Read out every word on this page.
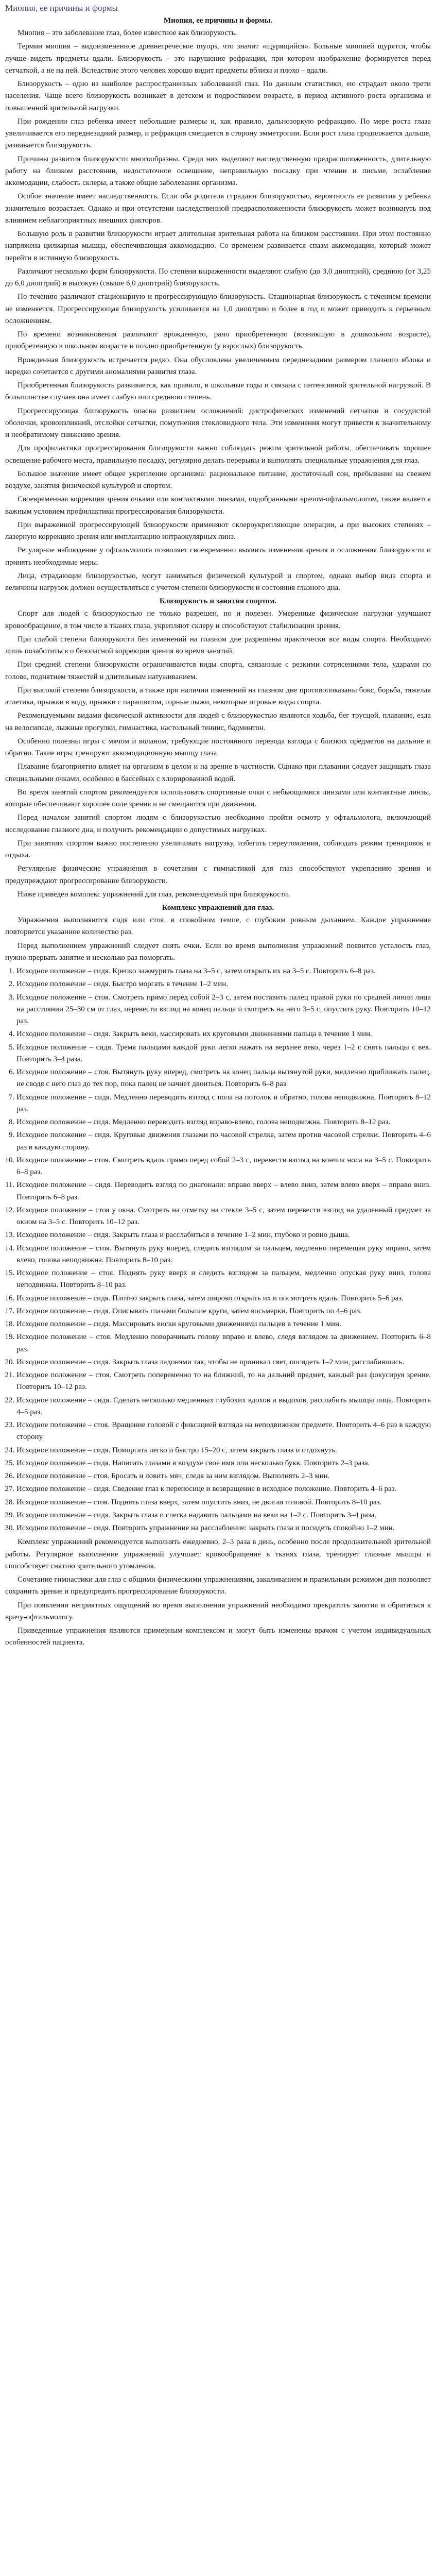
Миопия, ее причины и формы
Миопия, ее причины и формы.

Миопия – это заболевание глаз, более известное как близорукость.

Термин миопия – видоизмененное древнегреческое myops, что значит «щурящийся». Больные миопией щурятся, чтобы лучше видеть предметы вдали. Близорукость – это нарушение рефракции, при котором изображение формируется перед сетчаткой, а не на ней. Вследствие этого человек хорошо видит предметы вблизи и плохо – вдали.

Близорукость – одно из наиболее распространенных заболеваний глаз. По данным статистики, ею страдает около трети населения. Чаще всего близорукость возникает в детском и подростковом возрасте, в период активного роста организма и повышенной зрительной нагрузки.

При рождении глаз ребенка имеет небольшие размеры и, как правило, дальнозоркую рефракцию. По мере роста глаза увеличивается его переднезадний размер, и рефракция смещается в сторону эмметропии. Если рост глаза продолжается дальше, развивается близорукость.

Причины развития близорукости многообразны. Среди них выделяют наследственную предрасположенность, длительную работу на близком расстоянии, недостаточное освещение, неправильную посадку при чтении и письме, ослабление аккомодации, слабость склеры, а также общие заболевания организма.

Особое значение имеет наследственность. Если оба родителя страдают близорукостью, вероятность ее развития у ребенка значительно возрастает. Однако и при отсутствии наследственной предрасположенности близорукость может возникнуть под влиянием неблагоприятных внешних факторов.

Большую роль в развитии близорукости играет длительная зрительная работа на близком расстоянии. При этом постоянно напряжена цилиарная мышца, обеспечивающая аккомодацию. Со временем развивается спазм аккомодации, который может перейти в истинную близорукость.

Различают несколько форм близорукости. По степени выраженности выделяют слабую (до 3,0 диоптрий), среднюю (от 3,25 до 6,0 диоптрий) и высокую (свыше 6,0 диоптрий) близорукость.

По течению различают стационарную и прогрессирующую близорукость. Стационарная близорукость с течением времени не изменяется. Прогрессирующая близорукость усиливается на 1,0 диоптрию и более в год и может приводить к серьезным осложнениям.

По времени возникновения различают врожденную, рано приобретенную (возникшую в дошкольном возрасте), приобретенную в школьном возрасте и поздно приобретенную (у взрослых) близорукость.

Врожденная близорукость встречается редко. Она обусловлена увеличенным переднезадним размером глазного яблока и нередко сочетается с другими аномалиями развития глаза.

Приобретенная близорукость развивается, как правило, в школьные годы и связана с интенсивной зрительной нагрузкой. В большинстве случаев она имеет слабую или среднюю степень.

Прогрессирующая близорукость опасна развитием осложнений: дистрофических изменений сетчатки и сосудистой оболочки, кровоизлияний, отслойки сетчатки, помутнения стекловидного тела. Эти изменения могут привести к значительному и необратимому снижению зрения.

Для профилактики прогрессирования близорукости важно соблюдать режим зрительной работы, обеспечивать хорошее освещение рабочего места, правильную посадку, регулярно делать перерывы и выполнять специальные упражнения для глаз.

Большое значение имеет общее укрепление организма: рациональное питание, достаточный сон, пребывание на свежем воздухе, занятия физической культурой и спортом.

Своевременная коррекция зрения очками или контактными линзами, подобранными врачом-офтальмологом, также является важным условием профилактики прогрессирования близорукости.

При выраженной прогрессирующей близорукости применяют склероукрепляющие операции, а при высоких степенях – лазерную коррекцию зрения или имплантацию интраокулярных линз.

Регулярное наблюдение у офтальмолога позволяет своевременно выявить изменения зрения и осложнения близорукости и принять необходимые меры.

Лица, страдающие близорукостью, могут заниматься физической культурой и спортом, однако выбор вида спорта и величины нагрузок должен осуществляться с учетом степени близорукости и состояния глазного дна.

Близорукость и занятия спортом.

Спорт для людей с близорукостью не только разрешен, но и полезен. Умеренные физические нагрузки улучшают кровообращение, в том числе в тканях глаза, укрепляют склеру и способствуют стабилизации зрения.

При слабой степени близорукости без изменений на глазном дне разрешены практически все виды спорта. Необходимо лишь позаботиться о безопасной коррекции зрения во время занятий.

При средней степени близорукости ограничиваются виды спорта, связанные с резкими сотрясениями тела, ударами по голове, поднятием тяжестей и длительным натуживанием.

При высокой степени близорукости, а также при наличии изменений на глазном дне противопоказаны бокс, борьба, тяжелая атлетика, прыжки в воду, прыжки с парашютом, горные лыжи, некоторые игровые виды спорта.

Рекомендуемыми видами физической активности для людей с близорукостью являются ходьба, бег трусцой, плавание, езда на велосипеде, лыжные прогулки, гимнастика, настольный теннис, бадминтон.

Особенно полезны игры с мячом и воланом, требующие постоянного перевода взгляда с близких предметов на дальние и обратно. Такие игры тренируют аккомодационную мышцу глаза.

Плавание благоприятно влияет на организм в целом и на зрение в частности. Однако при плавании следует защищать глаза специальными очками, особенно в бассейнах с хлорированной водой.

Во время занятий спортом рекомендуется использовать спортивные очки с небьющимися линзами или контактные линзы, которые обеспечивают хорошее поле зрения и не смещаются при движении.

Перед началом занятий спортом людям с близорукостью необходимо пройти осмотр у офтальмолога, включающий исследование глазного дна, и получить рекомендации о допустимых нагрузках.

При занятиях спортом важно постепенно увеличивать нагрузку, избегать переутомления, соблюдать режим тренировок и отдыха.

Регулярные физические упражнения в сочетании с гимнастикой для глаз способствуют укреплению зрения и предупреждают прогрессирование близорукости.

Ниже приведен комплекс упражнений для глаз, рекомендуемый при близорукости.

Комплекс упражнений для глаз.

Упражнения выполняются сидя или стоя, в спокойном темпе, с глубоким ровным дыханием. Каждое упражнение повторяется указанное количество раз.

Перед выполнением упражнений следует снять очки. Если во время выполнения упражнений появится усталость глаз, нужно прервать занятие и несколько раз поморгать.

1. Исходное положение – сидя. Крепко зажмурить глаза на 3–5 с, затем открыть их на 3–5 с. Повторить 6–8 раз.
2. Исходное положение – сидя. Быстро моргать в течение 1–2 мин.
3. Исходное положение – стоя. Смотреть прямо перед собой 2–3 с, затем поставить палец правой руки по средней линии лица на расстоянии 25–30 см от глаз, перевести взгляд на конец пальца и смотреть на него 3–5 с, опустить руку. Повторить 10–12 раз.
4. Исходное положение – сидя. Закрыть веки, массировать их круговыми движениями пальца в течение 1 мин.
5. Исходное положение – сидя. Тремя пальцами каждой руки легко нажать на верхнее веко, через 1–2 с снять пальцы с век. Повторить 3–4 раза.
6. Исходное положение – стоя. Вытянуть руку вперед, смотреть на конец пальца вытянутой руки, медленно приближать палец, не сводя с него глаз до тех пор, пока палец не начнет двоиться. Повторить 6–8 раз.
7. Исходное положение – сидя. Медленно переводить взгляд с пола на потолок и обратно, голова неподвижна. Повторить 8–12 раз.
8. Исходное положение – сидя. Медленно переводить взгляд вправо-влево, голова неподвижна. Повторить 8–12 раз.
9. Исходное положение – сидя. Круговые движения глазами по часовой стрелке, затем против часовой стрелки. Повторить 4–6 раз в каждую сторону.
10. Исходное положение – стоя. Смотреть вдаль прямо перед собой 2–3 с, перевести взгляд на кончик носа на 3–5 с. Повторить 6–8 раз.
11. Исходное положение – сидя. Переводить взгляд по диагонали: вправо вверх – влево вниз, затем влево вверх – вправо вниз. Повторить 6–8 раз.
12. Исходное положение – стоя у окна. Смотреть на отметку на стекле 3–5 с, затем перевести взгляд на удаленный предмет за окном на 3–5 с. Повторить 10–12 раз.
13. Исходное положение – сидя. Закрыть глаза и расслабиться в течение 1–2 мин, глубоко и ровно дыша.
14. Исходное положение – стоя. Вытянуть руку вперед, следить взглядом за пальцем, медленно перемещая руку вправо, затем влево, голова неподвижна. Повторить 8–10 раз.
15. Исходное положение – стоя. Поднять руку вверх и следить взглядом за пальцем, медленно опуская руку вниз, голова неподвижна. Повторить 8–10 раз.
16. Исходное положение – сидя. Плотно закрыть глаза, затем широко открыть их и посмотреть вдаль. Повторить 5–6 раз.
17. Исходное положение – сидя. Описывать глазами большие круги, затем восьмерки. Повторить по 4–6 раз.
18. Исходное положение – сидя. Массировать виски круговыми движениями пальцев в течение 1 мин.
19. Исходное положение – стоя. Медленно поворачивать голову вправо и влево, следя взглядом за движением. Повторить 6–8 раз.
20. Исходное положение – сидя. Закрыть глаза ладонями так, чтобы не проникал свет, посидеть 1–2 мин, расслабившись.
21. Исходное положение – стоя. Смотреть попеременно то на ближний, то на дальний предмет, каждый раз фокусируя зрение. Повторить 10–12 раз.
22. Исходное положение – сидя. Сделать несколько медленных глубоких вдохов и выдохов, расслабить мышцы лица. Повторить 4–5 раз.
23. Исходное положение – стоя. Вращение головой с фиксацией взгляда на неподвижном предмете. Повторить 4–6 раз в каждую сторону.
24. Исходное положение – сидя. Поморгать легко и быстро 15–20 с, затем закрыть глаза и отдохнуть.
25. Исходное положение – сидя. Написать глазами в воздухе свое имя или несколько букв. Повторить 2–3 раза.
26. Исходное положение – стоя. Бросать и ловить мяч, следя за ним взглядом. Выполнять 2–3 мин.
27. Исходное положение – сидя. Сведение глаз к переносице и возвращение в исходное положение. Повторить 4–6 раз.
28. Исходное положение – стоя. Поднять глаза вверх, затем опустить вниз, не двигая головой. Повторить 8–10 раз.
29. Исходное положение – сидя. Закрыть глаза и слегка надавить пальцами на веки на 1–2 с. Повторить 3–4 раза.
30. Исходное положение – сидя. Повторить упражнение на расслабление: закрыть глаза и посидеть спокойно 1–2 мин.

Комплекс упражнений рекомендуется выполнять ежедневно, 2–3 раза в день, особенно после продолжительной зрительной работы. Регулярное выполнение упражнений улучшает кровообращение в тканях глаза, тренирует глазные мышцы и способствует снятию зрительного утомления.

Сочетание гимнастики для глаз с общими физическими упражнениями, закаливанием и правильным режимом дня позволяет сохранить зрение и предупредить прогрессирование близорукости.

При появлении неприятных ощущений во время выполнения упражнений необходимо прекратить занятия и обратиться к врачу-офтальмологу.

Приведенные упражнения являются примерным комплексом и могут быть изменены врачом с учетом индивидуальных особенностей пациента.
